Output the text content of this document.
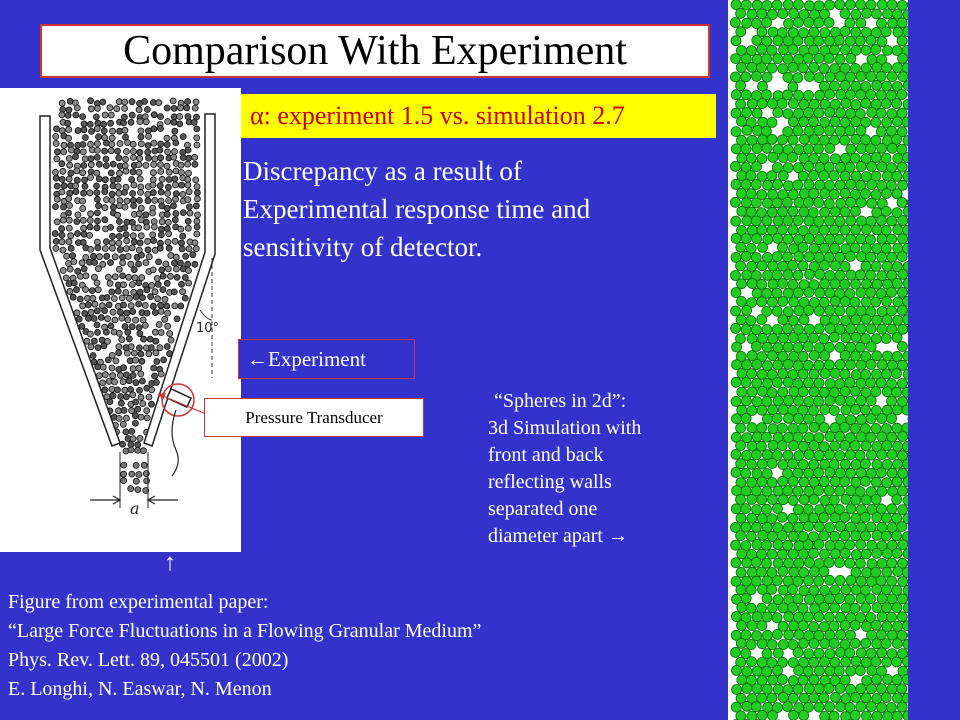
Comparison With Experiment
α : experiment 1.5 vs. simulation 2.7
Discrepancy as a result of
Experimental response time and
sensitivity of detector.
10°
a
← Experiment
Pressure Transducer
↑
“Spheres in 2d”:
3d Simulation with
front and back
reflecting walls
separated one
diameter apart →
Figure from experimental paper:
“Large Force Fluctuations in a Flowing Granular Medium”
Phys. Rev. Lett. 89, 045501 (2002)
E. Longhi, N. Easwar, N. Menon
